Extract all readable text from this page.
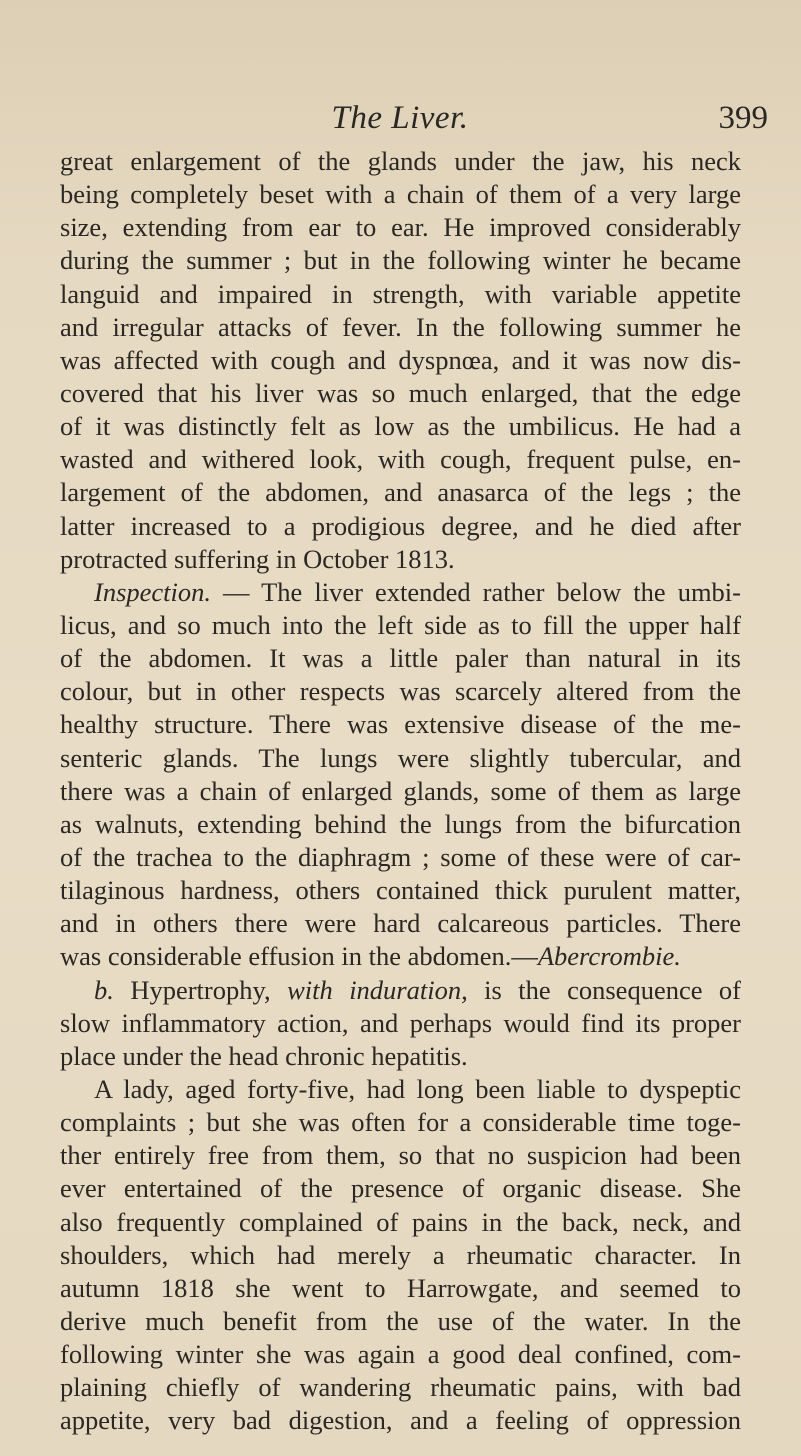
The Liver.	399
great enlargement of the glands under the jaw, his neck
being completely beset with a chain of them of a very large
size, extending from ear to ear. He improved considerably
during the summer ; but in the following winter he became
languid and impaired in strength, with variable appetite
and irregular attacks of fever. In the following summer he
was affected with cough and dyspnœa, and it was now dis-
covered that his liver was so much enlarged, that the edge
of it was distinctly felt as low as the umbilicus. He had a
wasted and withered look, with cough, frequent pulse, en-
largement of the abdomen, and anasarca of the legs ; the
latter increased to a prodigious degree, and he died after
protracted suffering in October 1813.
Inspection. — The liver extended rather below the umbi-
licus, and so much into the left side as to fill the upper half
of the abdomen. It was a little paler than natural in its
colour, but in other respects was scarcely altered from the
healthy structure. There was extensive disease of the me-
senteric glands. The lungs were slightly tubercular, and
there was a chain of enlarged glands, some of them as large
as walnuts, extending behind the lungs from the bifurcation
of the trachea to the diaphragm ; some of these were of car-
tilaginous hardness, others contained thick purulent matter,
and in others there were hard calcareous particles. There
was considerable effusion in the abdomen.—Abercrombie.
b. Hypertrophy, with induration, is the consequence of
slow inflammatory action, and perhaps would find its proper
place under the head chronic hepatitis.
A lady, aged forty-five, had long been liable to dyspeptic
complaints ; but she was often for a considerable time toge-
ther entirely free from them, so that no suspicion had been
ever entertained of the presence of organic disease. She
also frequently complained of pains in the back, neck, and
shoulders, which had merely a rheumatic character. In
autumn 1818 she went to Harrowgate, and seemed to
derive much benefit from the use of the water. In the
following winter she was again a good deal confined, com-
plaining chiefly of wandering rheumatic pains, with bad
appetite, very bad digestion, and a feeling of oppression
